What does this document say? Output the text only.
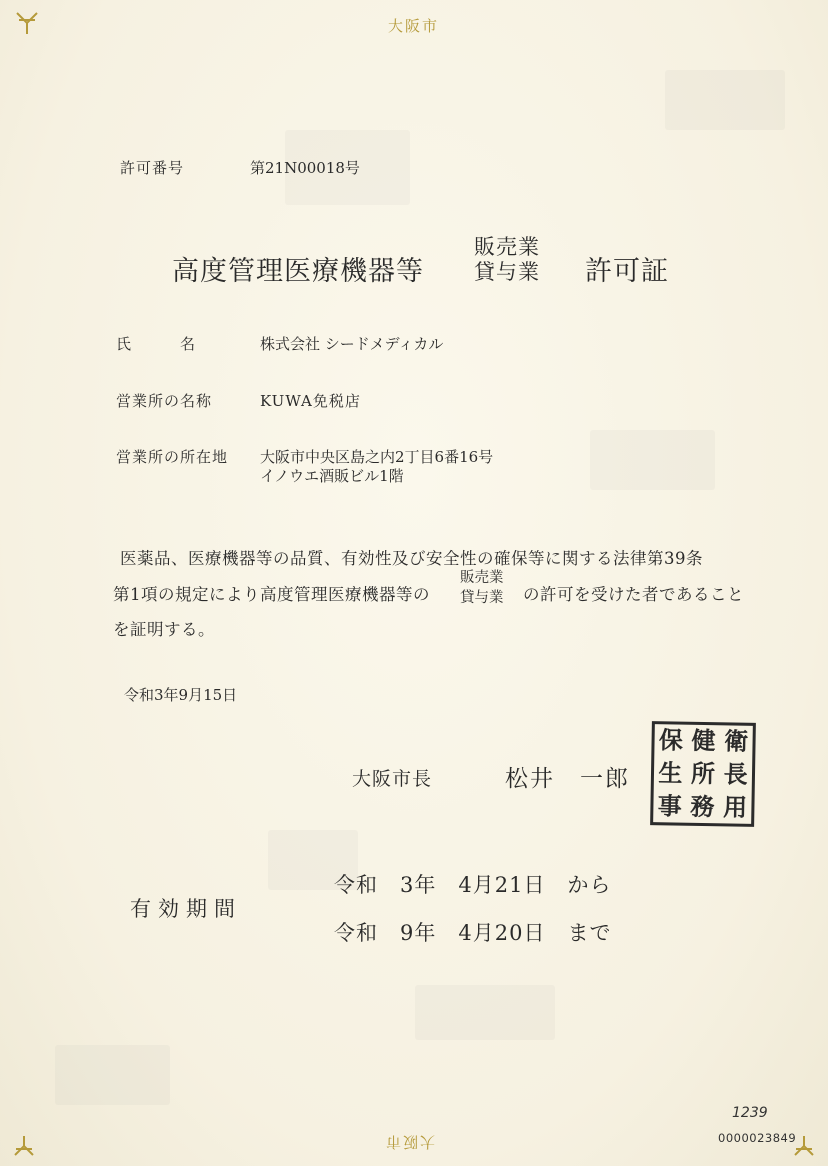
大阪市
許可番号	第21N00018号
高度管理医療機器等
販売業
貸与業 許可証
氏　　　名	株式会社 シードメディカル
営業所の名称	KUWA免税店
営業所の所在地 大阪市中央区島之内2丁目6番16号
イノウエ酒販ビル1階
医薬品、医療機器等の品質、有効性及び安全性の確保等に関する法律第39条
第1項の規定により高度管理医療機器等の
販売業
貸与業 の許可を受けた者であること
を証明する。
令和3年9月15日
大阪市長	松井　一郎
保 健 衛
生 所 長
事 務 用
有効期間
令和　3年　4月21日　から
令和　9年　4月20日　まで
1239
0000023849
大阪市
